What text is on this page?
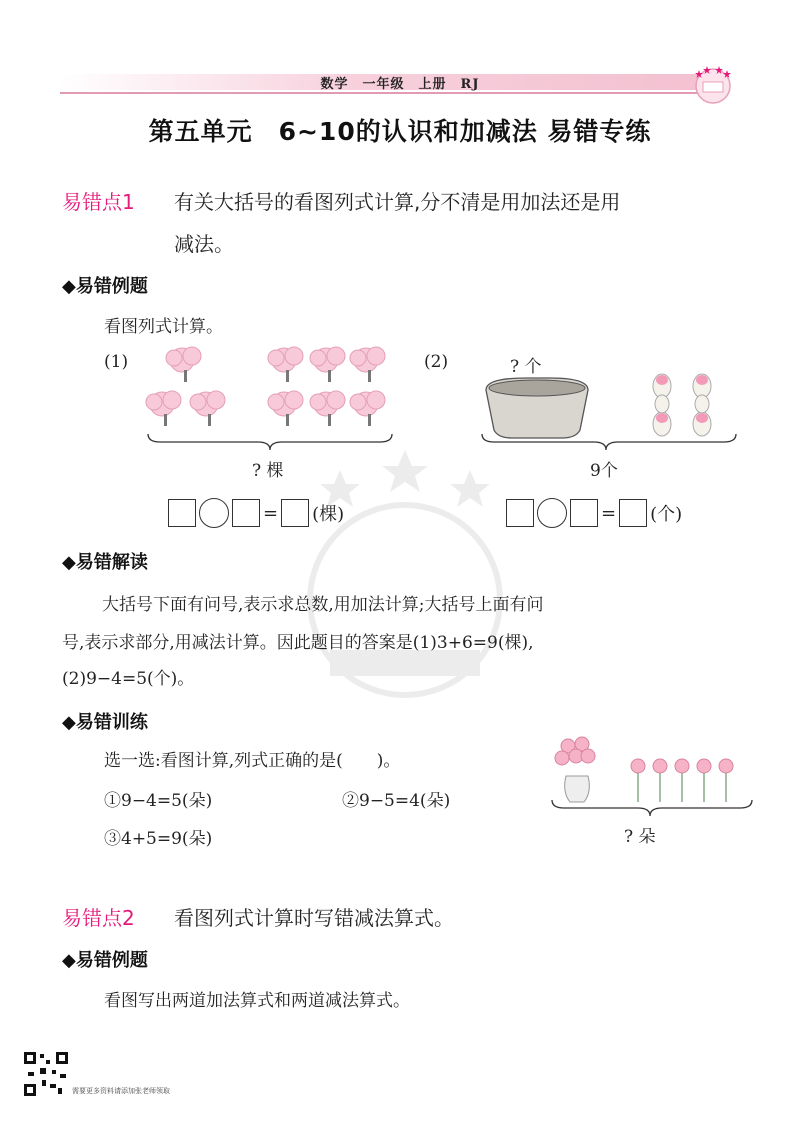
数学　一年级　上册　RJ
第五单元　6~10的认识和加减法 易错专练
易错点1 有关大括号的看图列式计算,分不清是用加法还是用
减法。
◆易错例题
看图列式计算。
(1)
? 棵
(2)	? 个
9个
= (棵)	= (个)
◆易错解读
大括号下面有问号,表示求总数,用加法计算;大括号上面有问
号,表示求部分,用减法计算。因此题目的答案是(1)3+6=9(棵),
(2)9−4=5(个)。
◆易错训练
选一选:看图计算,列式正确的是(　　)。
①9−4=5(朵)	②9−5=4(朵)
③4+5=9(朵)	? 朵
易错点2 看图列式计算时写错减法算式。
◆易错例题
看图写出两道加法算式和两道减法算式。
需要更多资料请添加张老师领取
